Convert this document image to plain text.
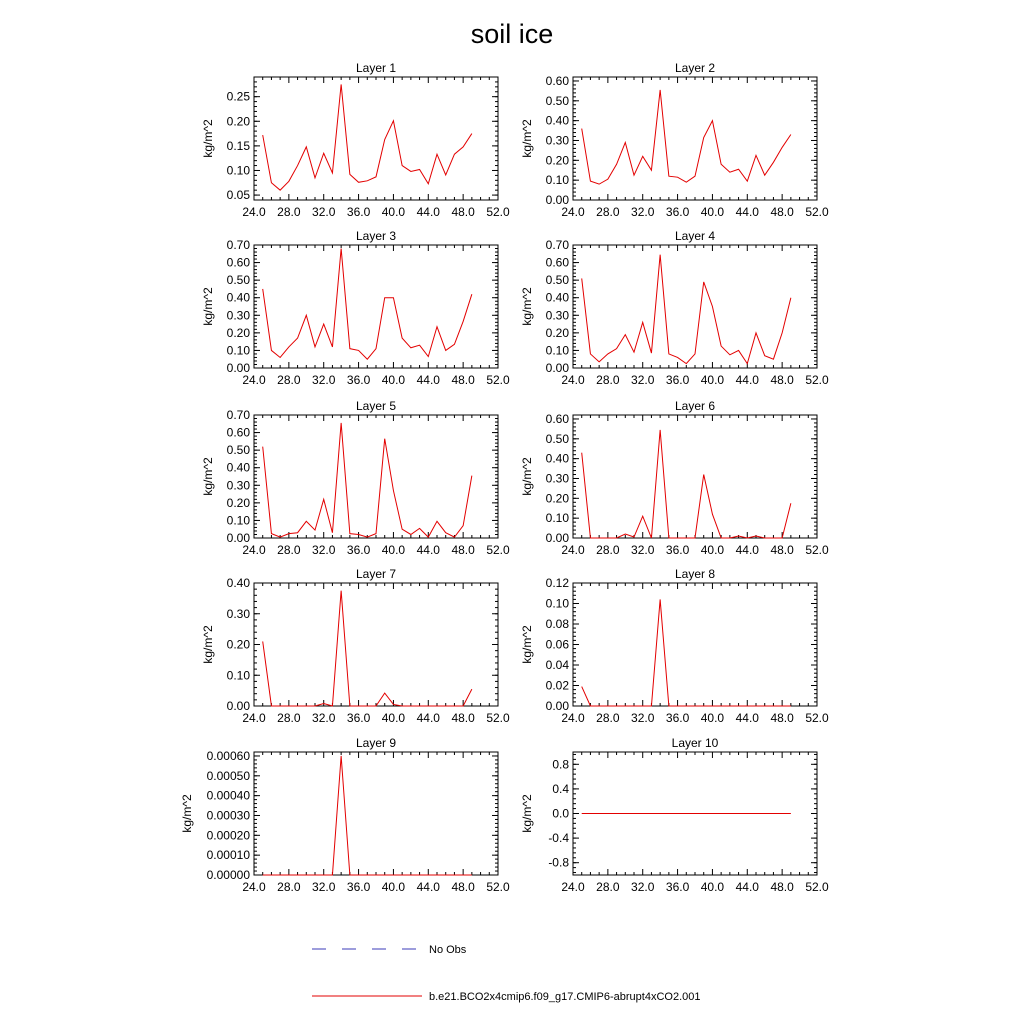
soil ice
Layer 1
24.0 28.0 32.0 36.0 40.0 44.0 48.0 52.0
0.05
0.10
0.15
0.20
0.25
kg/m^2
Layer 2
24.0 28.0 32.0 36.0 40.0 44.0 48.0 52.0
0.00
0.10
0.20
0.30
0.40
0.50
0.60
kg/m^2
Layer 3
24.0 28.0 32.0 36.0 40.0 44.0 48.0 52.0
0.00
0.10
0.20
0.30
0.40
0.50
0.60
0.70
kg/m^2
Layer 4
24.0 28.0 32.0 36.0 40.0 44.0 48.0 52.0
0.00
0.10
0.20
0.30
0.40
0.50
0.60
0.70
kg/m^2
Layer 5
24.0 28.0 32.0 36.0 40.0 44.0 48.0 52.0
0.00
0.10
0.20
0.30
0.40
0.50
0.60
0.70
kg/m^2
Layer 6
24.0 28.0 32.0 36.0 40.0 44.0 48.0 52.0
0.00
0.10
0.20
0.30
0.40
0.50
0.60
kg/m^2
Layer 7
24.0 28.0 32.0 36.0 40.0 44.0 48.0 52.0
0.00
0.10
0.20
0.30
0.40
kg/m^2
Layer 8
24.0 28.0 32.0 36.0 40.0 44.0 48.0 52.0
0.00
0.02
0.04
0.06
0.08
0.10
0.12
kg/m^2
Layer 9
24.0 28.0 32.0 36.0 40.0 44.0 48.0 52.0
0.00000
0.00010
0.00020
0.00030
0.00040
0.00050
0.00060
kg/m^2
Layer 10
24.0 28.0 32.0 36.0 40.0 44.0 48.0 52.0
-0.8
-0.4
0.0
0.4
0.8
kg/m^2
No Obs
b.e21.BCO2x4cmip6.f09_g17.CMIP6-abrupt4xCO2.001
